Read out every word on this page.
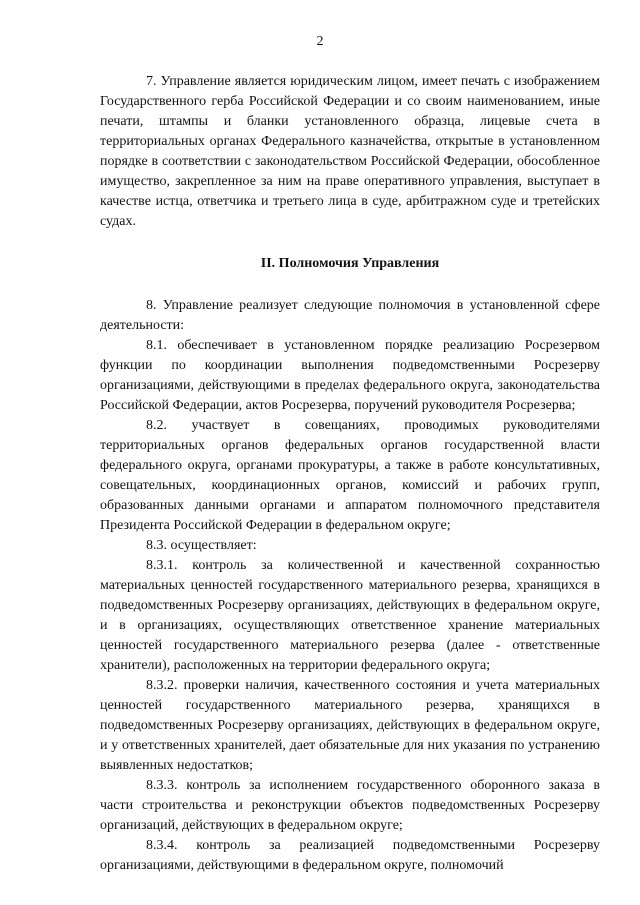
2

7. Управление является юридическим лицом, имеет печать с изображением Государственного герба Российской Федерации и со своим наименованием, иные печати, штампы и бланки установленного образца, лицевые счета в территориальных органах Федерального казначейства, открытые в установленном порядке в соответствии с законодательством Российской Федерации, обособленное имущество, закрепленное за ним на праве оперативного управления, выступает в качестве истца, ответчика и третьего лица в суде, арбитражном суде и третейских судах.

II. Полномочия Управления

8. Управление реализует следующие полномочия в установленной сфере деятельности:

8.1. обеспечивает в установленном порядке реализацию Росрезервом функции по координации выполнения подведомственными Росрезерву организациями, действующими в пределах федерального округа, законодательства Российской Федерации, актов Росрезерва, поручений руководителя Росрезерва;

8.2. участвует в совещаниях, проводимых руководителями территориальных органов федеральных органов государственной власти федерального округа, органами прокуратуры, а также в работе консультативных, совещательных, координационных органов, комиссий и рабочих групп, образованных данными органами и аппаратом полномочного представителя Президента Российской Федерации в федеральном округе;

8.3. осуществляет:

8.3.1. контроль за количественной и качественной сохранностью материальных ценностей государственного материального резерва, хранящихся в подведомственных Росрезерву организациях, действующих в федеральном округе, и в организациях, осуществляющих ответственное хранение материальных ценностей государственного материального резерва (далее - ответственные хранители), расположенных на территории федерального округа;

8.3.2. проверки наличия, качественного состояния и учета материальных ценностей государственного материального резерва, хранящихся в подведомственных Росрезерву организациях, действующих в федеральном округе, и у ответственных хранителей, дает обязательные для них указания по устранению выявленных недостатков;

8.3.3. контроль за исполнением государственного оборонного заказа в части строительства и реконструкции объектов подведомственных Росрезерву организаций, действующих в федеральном округе;

8.3.4. контроль за реализацией подведомственными Росрезерву организациями, действующими в федеральном округе, полномочий
